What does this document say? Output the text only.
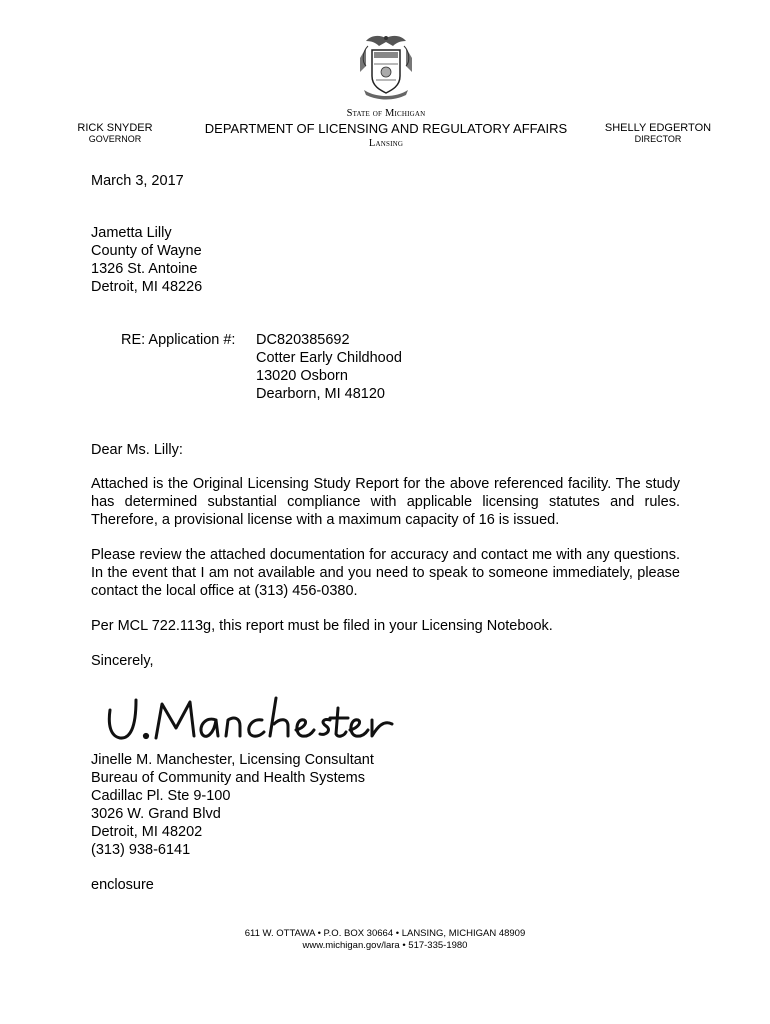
RICK SNYDER
GOVERNOR
State of Michigan
DEPARTMENT OF LICENSING AND REGULATORY AFFAIRS
Lansing
SHELLY EDGERTON
DIRECTOR
March 3, 2017
Jametta Lilly
County of Wayne
1326 St. Antoine
Detroit, MI 48226
RE: Application #: DC820385692
Cotter Early Childhood
13020 Osborn
Dearborn, MI 48120
Dear Ms. Lilly:
Attached is the Original Licensing Study Report for the above referenced facility. The study has determined substantial compliance with applicable licensing statutes and rules. Therefore, a provisional license with a maximum capacity of 16 is issued.
Please review the attached documentation for accuracy and contact me with any questions. In the event that I am not available and you need to speak to someone immediately, please contact the local office at (313) 456-0380.
Per MCL 722.113g, this report must be filed in your Licensing Notebook.
Sincerely,
Jinelle M. Manchester, Licensing Consultant
Bureau of Community and Health Systems
Cadillac Pl. Ste 9-100
3026 W. Grand Blvd
Detroit, MI 48202
(313) 938-6141
enclosure
611 W. OTTAWA • P.O. BOX 30664 • LANSING, MICHIGAN 48909
www.michigan.gov/lara • 517-335-1980
